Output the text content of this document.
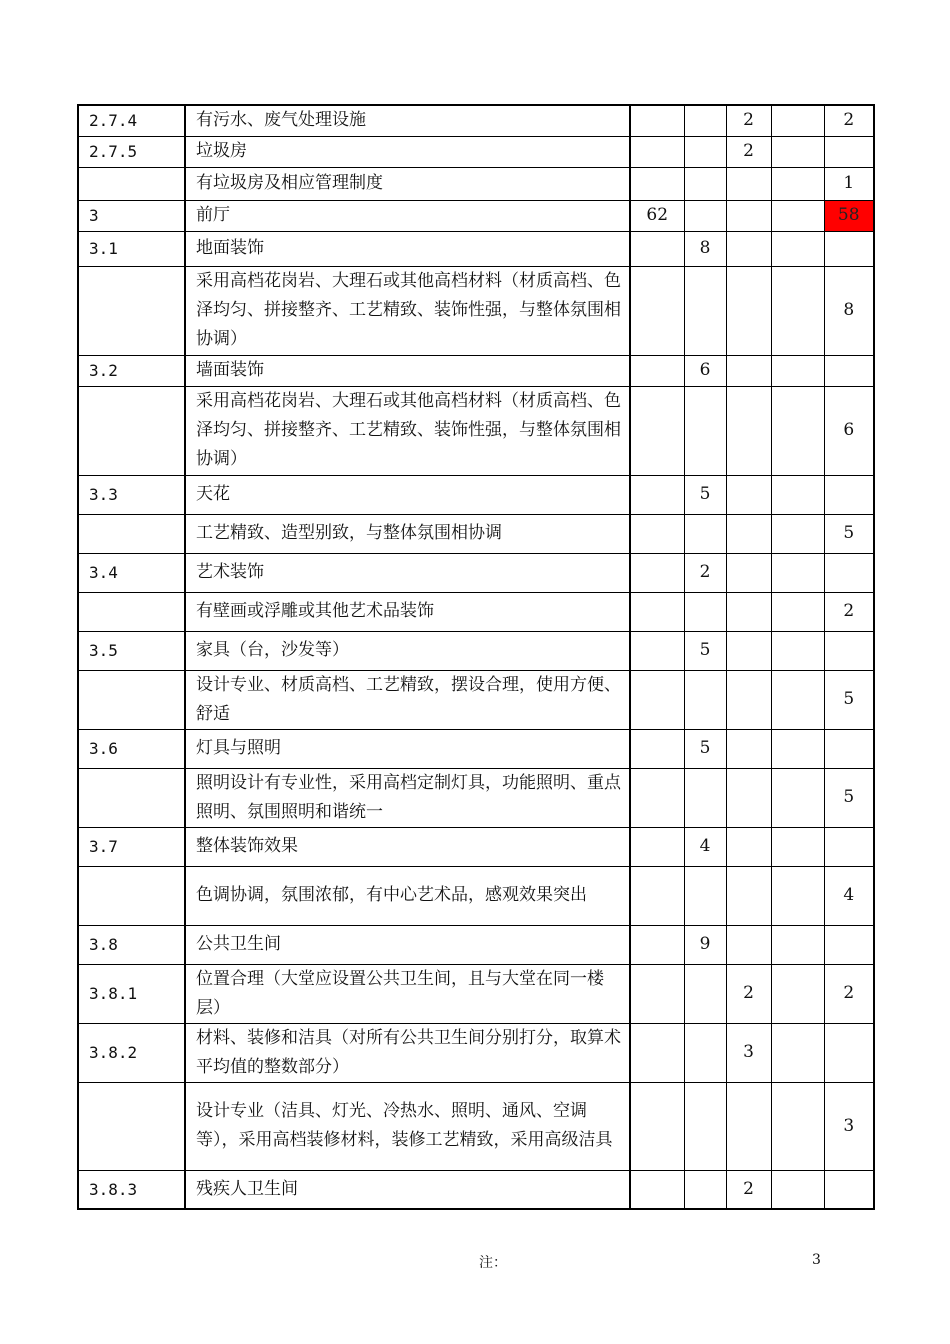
2.7.4	有污水、废气处理设施			2		2
2.7.5	垃圾房			2		
	有垃圾房及相应管理制度					1
3	前厅	62				58
3.1	地面装饰		8			
	采用高档花岗岩、大理石或其他高档材料（材质高档、色泽均匀、拼接整齐、工艺精致、装饰性强，与整体氛围相协调）					8
3.2	墙面装饰		6			
	采用高档花岗岩、大理石或其他高档材料（材质高档、色泽均匀、拼接整齐、工艺精致、装饰性强，与整体氛围相协调）					6
3.3	天花		5			
	工艺精致、造型别致，与整体氛围相协调					5
3.4	艺术装饰		2			
	有壁画或浮雕或其他艺术品装饰					2
3.5	家具（台，沙发等）		5			
	设计专业、材质高档、工艺精致，摆设合理，使用方便、舒适					5
3.6	灯具与照明		5			
	照明设计有专业性，采用高档定制灯具，功能照明、重点照明、氛围照明和谐统一					5
3.7	整体装饰效果		4			
	色调协调，氛围浓郁，有中心艺术品，感观效果突出					4
3.8	公共卫生间		9			
3.8.1	位置合理（大堂应设置公共卫生间，且与大堂在同一楼层）			2		2
3.8.2	材料、装修和洁具（对所有公共卫生间分别打分，取算术平均值的整数部分）			3		
	设计专业（洁具、灯光、冷热水、照明、通风、空调等），采用高档装修材料，装修工艺精致，采用高级洁具					3
3.8.3	残疾人卫生间			2		
注：	3
